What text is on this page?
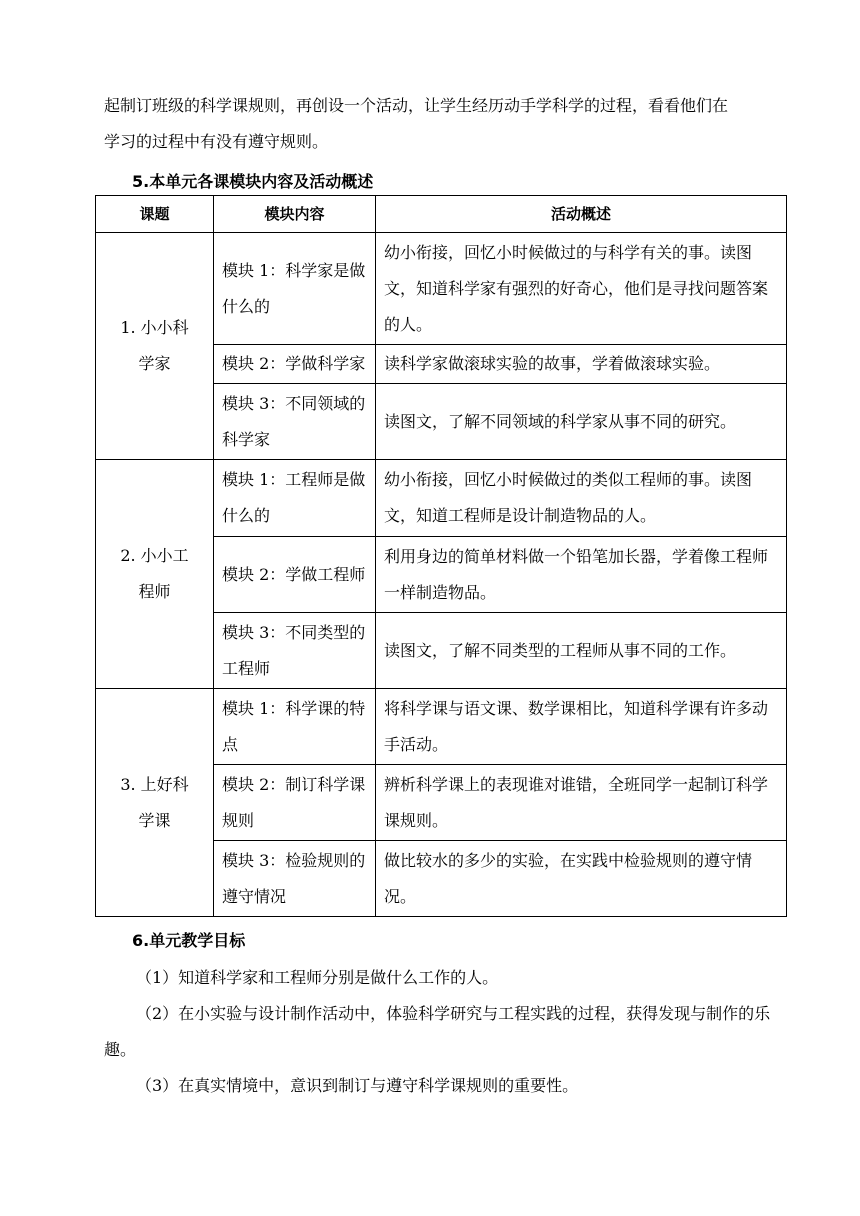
起制订班级的科学课规则，再创设一个活动，让学生经历动手学科学的过程，看看他们在

学习的过程中有没有遵守规则。

5.本单元各课模块内容及活动概述

课题	模块内容	活动概述
1. 小小科学家	模块 1：科学家是做什么的	幼小衔接，回忆小时候做过的与科学有关的事。读图文，知道科学家有强烈的好奇心，他们是寻找问题答案的人。
	模块 2：学做科学家	读科学家做滚球实验的故事，学着做滚球实验。
	模块 3：不同领域的科学家	读图文，了解不同领域的科学家从事不同的研究。
2. 小小工程师	模块 1：工程师是做什么的	幼小衔接，回忆小时候做过的类似工程师的事。读图文，知道工程师是设计制造物品的人。
	模块 2：学做工程师	利用身边的简单材料做一个铅笔加长器，学着像工程师一样制造物品。
	模块 3：不同类型的工程师	读图文，了解不同类型的工程师从事不同的工作。
3. 上好科学课	模块 1：科学课的特点	将科学课与语文课、数学课相比，知道科学课有许多动手活动。
	模块 2：制订科学课规则	辨析科学课上的表现谁对谁错，全班同学一起制订科学课规则。
	模块 3：检验规则的遵守情况	做比较水的多少的实验，在实践中检验规则的遵守情况。

6.单元教学目标

（1）知道科学家和工程师分别是做什么工作的人。

（2）在小实验与设计制作活动中，体验科学研究与工程实践的过程，获得发现与制作的乐趣。

（3）在真实情境中，意识到制订与遵守科学课规则的重要性。
